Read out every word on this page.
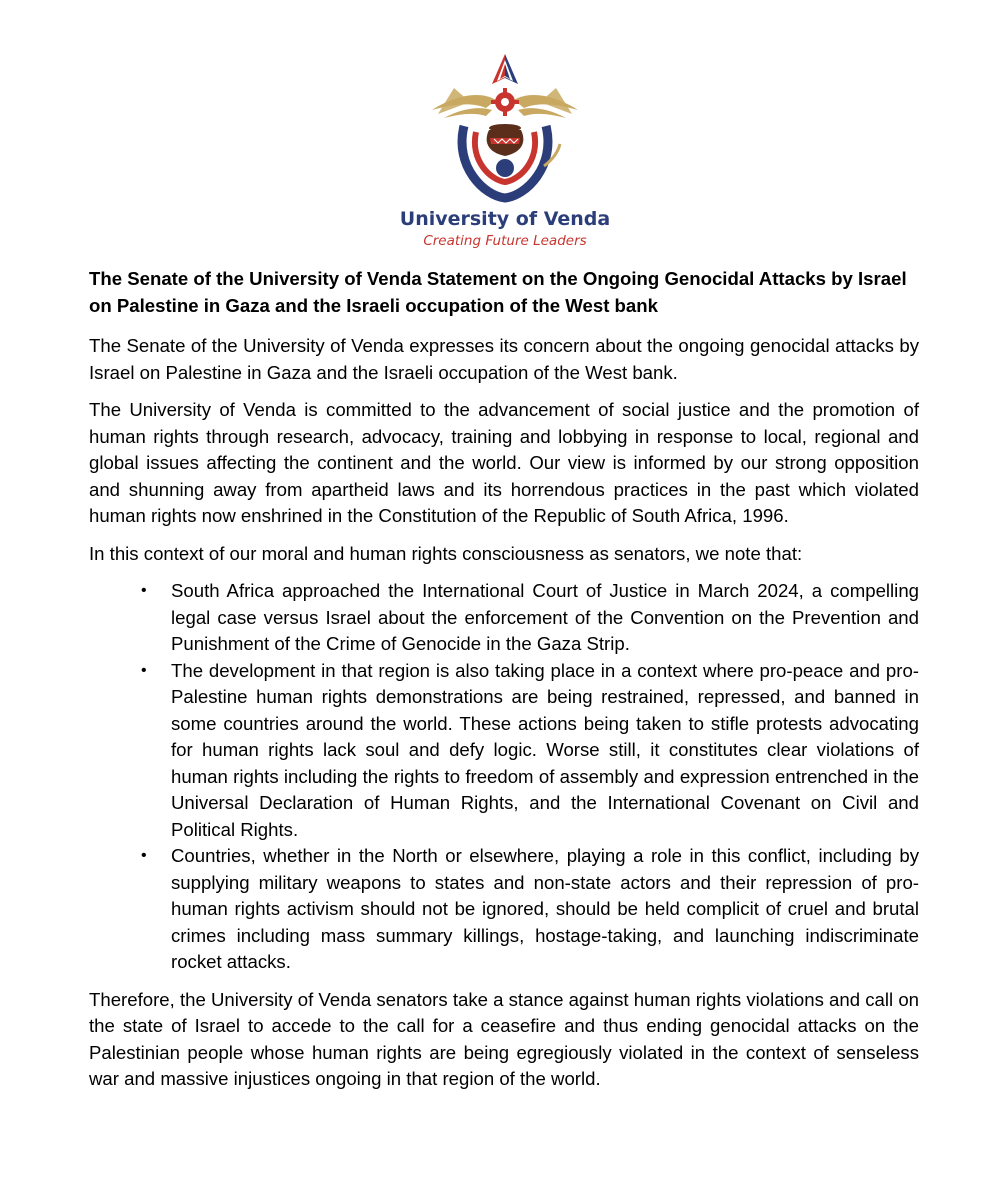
University of Venda
Creating Future Leaders
The Senate of the University of Venda Statement on the Ongoing Genocidal Attacks by Israel on Palestine in Gaza and the Israeli occupation of the West bank

The Senate of the University of Venda expresses its concern about the ongoing genocidal attacks by Israel on Palestine in Gaza and the Israeli occupation of the West bank.

The University of Venda is committed to the advancement of social justice and the promotion of human rights through research, advocacy, training and lobbying in response to local, regional and global issues affecting the continent and the world. Our view is informed by our strong opposition and shunning away from apartheid laws and its horrendous practices in the past which violated human rights now enshrined in the Constitution of the Republic of South Africa, 1996.

In this context of our moral and human rights consciousness as senators, we note that:

• South Africa approached the International Court of Justice in March 2024, a compelling legal case versus Israel about the enforcement of the Convention on the Prevention and Punishment of the Crime of Genocide in the Gaza Strip.
• The development in that region is also taking place in a context where pro-peace and pro-Palestine human rights demonstrations are being restrained, repressed, and banned in some countries around the world. These actions being taken to stifle protests advocating for human rights lack soul and defy logic. Worse still, it constitutes clear violations of human rights including the rights to freedom of assembly and expression entrenched in the Universal Declaration of Human Rights, and the International Covenant on Civil and Political Rights.
• Countries, whether in the North or elsewhere, playing a role in this conflict, including by supplying military weapons to states and non-state actors and their repression of pro-human rights activism should not be ignored, should be held complicit of cruel and brutal crimes including mass summary killings, hostage-taking, and launching indiscriminate rocket attacks.

Therefore, the University of Venda senators take a stance against human rights violations and call on the state of Israel to accede to the call for a ceasefire and thus ending genocidal attacks on the Palestinian people whose human rights are being egregiously violated in the context of senseless war and massive injustices ongoing in that region of the world.
